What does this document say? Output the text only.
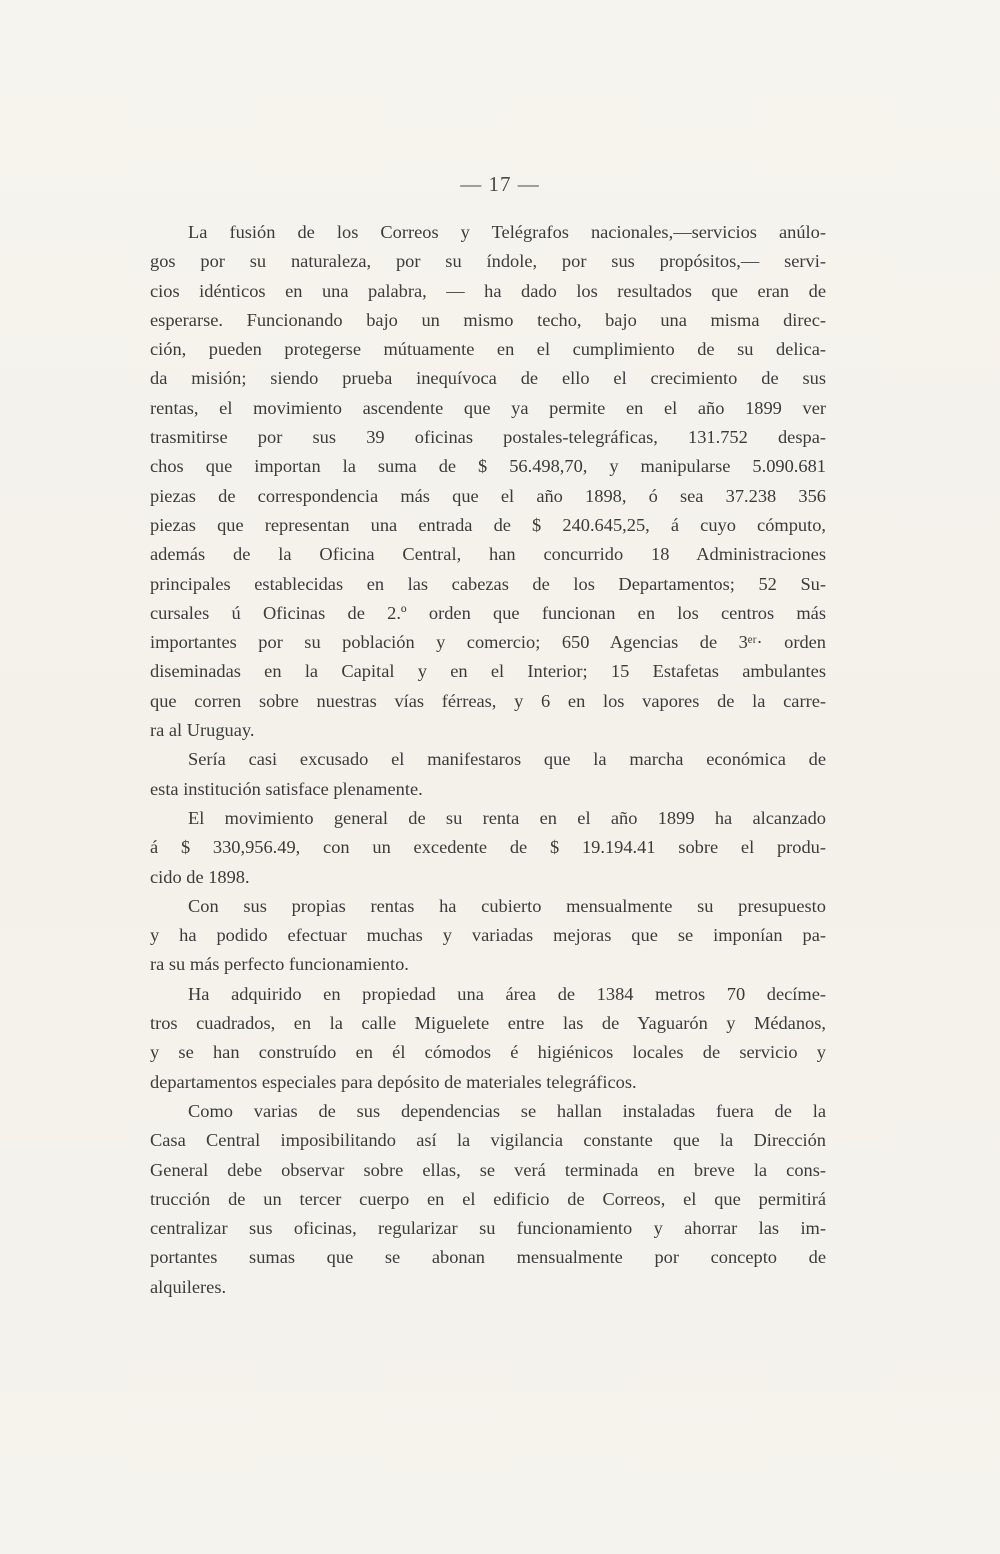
— 17 —
La fusión de los Correos y Telégrafos nacionales,—servicios anúlo-
gos por su naturaleza, por su índole, por sus propósitos,— servi-
cios idénticos en una palabra, — ha dado los resultados que eran de
esperarse. Funcionando bajo un mismo techo, bajo una misma direc-
ción, pueden protegerse mútuamente en el cumplimiento de su delica-
da misión; siendo prueba inequívoca de ello el crecimiento de sus
rentas, el movimiento ascendente que ya permite en el año 1899 ver
trasmitirse por sus 39 oficinas postales-telegráficas, 131.752 despa-
chos que importan la suma de $ 56.498,70, y manipularse 5.090.681
piezas de correspondencia más que el año 1898, ó sea 37.238 356
piezas que representan una entrada de $ 240.645,25, á cuyo cómputo,
además de la Oficina Central, han concurrido 18 Administraciones
principales establecidas en las cabezas de los Departamentos; 52 Su-
cursales ú Oficinas de 2.º orden que funcionan en los centros más
importantes por su población y comercio; 650 Agencias de 3ᵉʳ· orden
diseminadas en la Capital y en el Interior; 15 Estafetas ambulantes
que corren sobre nuestras vías férreas, y 6 en los vapores de la carre-
ra al Uruguay.
Sería casi excusado el manifestaros que la marcha económica de
esta institución satisface plenamente.
El movimiento general de su renta en el año 1899 ha alcanzado
á $ 330,956.49, con un excedente de $ 19.194.41 sobre el produ-
cido de 1898.
Con sus propias rentas ha cubierto mensualmente su presupuesto
y ha podido efectuar muchas y variadas mejoras que se imponían pa-
ra su más perfecto funcionamiento.
Ha adquirido en propiedad una área de 1384 metros 70 decíme-
tros cuadrados, en la calle Miguelete entre las de Yaguarón y Médanos,
y se han construído en él cómodos é higiénicos locales de servicio y
departamentos especiales para depósito de materiales telegráficos.
Como varias de sus dependencias se hallan instaladas fuera de la
Casa Central imposibilitando así la vigilancia constante que la Dirección
General debe observar sobre ellas, se verá terminada en breve la cons-
trucción de un tercer cuerpo en el edificio de Correos, el que permitirá
centralizar sus oficinas, regularizar su funcionamiento y ahorrar las im-
portantes sumas que se abonan mensualmente por concepto de
alquileres.
